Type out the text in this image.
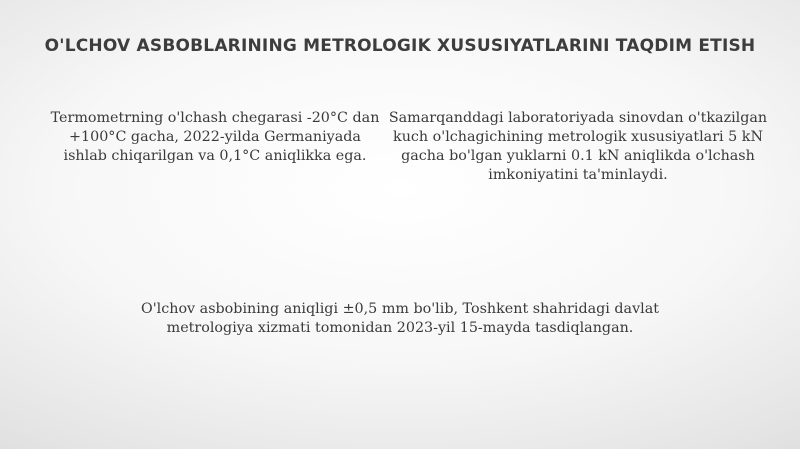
O'LCHOV ASBOBLARINING METROLOGIK XUSUSIYATLARINI TAQDIM ETISH
Termometrning o'lchash chegarasi -20°C dan +100°C gacha, 2022-yilda Germaniyada ishlab chiqarilgan va 0,1°C aniqlikka ega.
Samarqanddagi laboratoriyada sinovdan o'tkazilgan kuch o'lchagichining metrologik xususiyatlari 5 kN gacha bo'lgan yuklarni 0.1 kN aniqlikda o'lchash imkoniyatini ta'minlaydi.
O'lchov asbobining aniqligi ±0,5 mm bo'lib, Toshkent shahridagi davlat metrologiya xizmati tomonidan 2023-yil 15-mayda tasdiqlangan.
